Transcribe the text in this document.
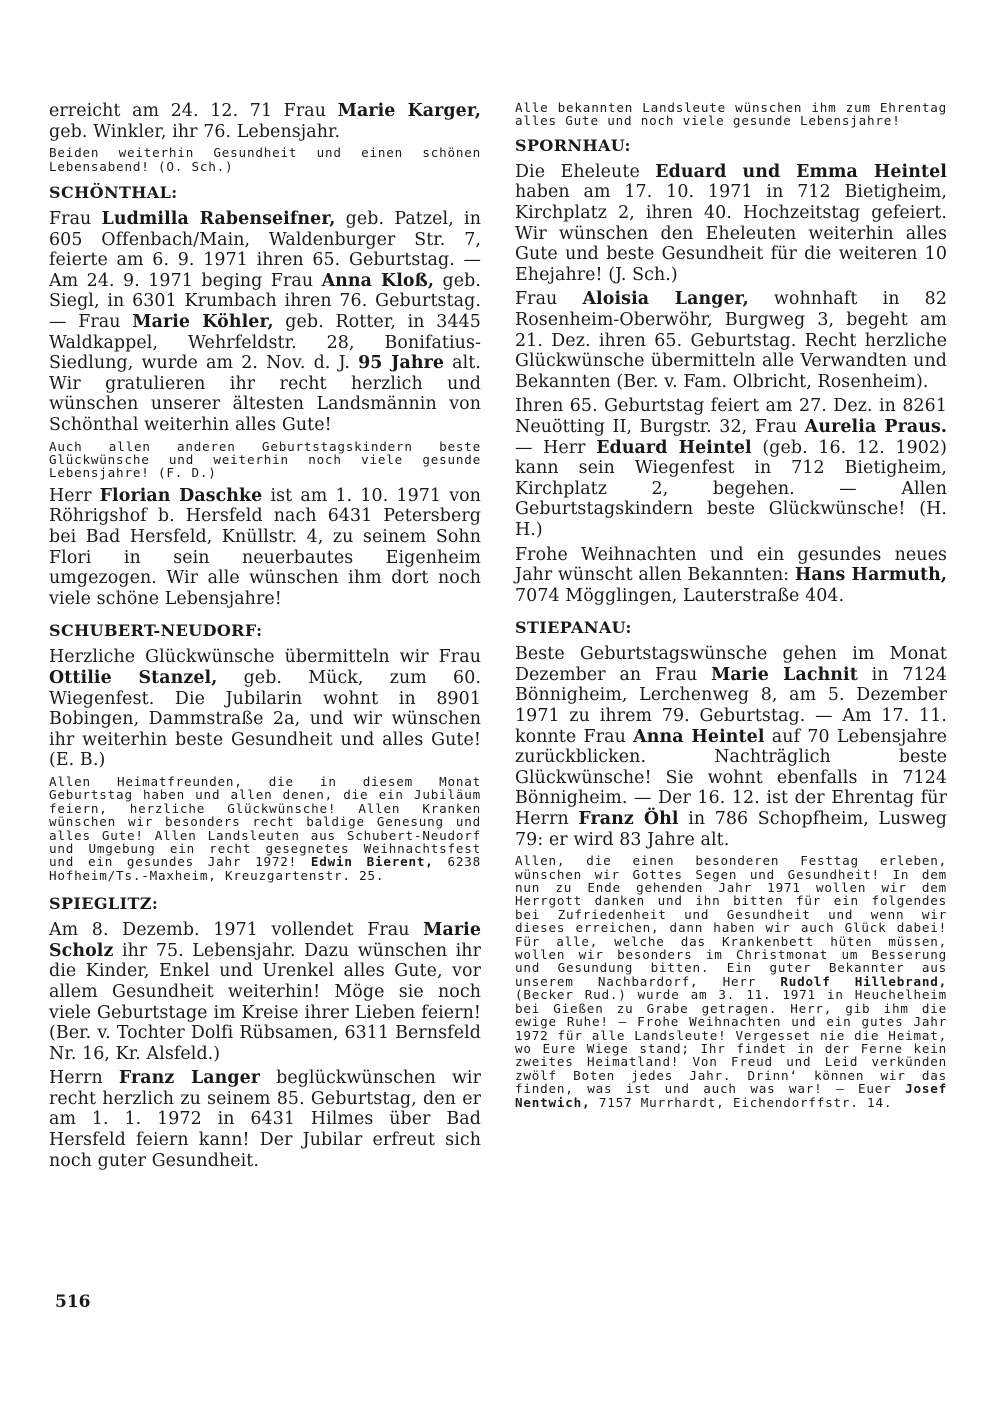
erreicht am 24. 12. 71 Frau Marie Karger, geb. Winkler, ihr 76. Lebensjahr.

Beiden weiterhin Gesundheit und einen schönen Lebensabend! (O. Sch.)

SCHÖNTHAL:

Frau Ludmilla Rabenseifner, geb. Patzel, in 605 Offenbach/Main, Waldenburger Str. 7, feierte am 6. 9. 1971 ihren 65. Geburtstag. — Am 24. 9. 1971 beging Frau Anna Kloß, geb. Siegl, in 6301 Krumbach ihren 76. Geburtstag. — Frau Marie Köhler, geb. Rotter, in 3445 Waldkappel, Wehrfeldstr. 28, Bonifatius-Siedlung, wurde am 2. Nov. d. J. 95 Jahre alt. Wir gratulieren ihr recht herzlich und wünschen unserer ältesten Landsmännin von Schönthal weiterhin alles Gute!

Auch allen anderen Geburtstagskindern beste Glückwünsche und weiterhin noch viele gesunde Lebensjahre! (F. D.)

Herr Florian Daschke ist am 1. 10. 1971 von Röhrigshof b. Hersfeld nach 6431 Petersberg bei Bad Hersfeld, Knüllstr. 4, zu seinem Sohn Flori in sein neuerbautes Eigenheim umgezogen. Wir alle wünschen ihm dort noch viele schöne Lebensjahre!

SCHUBERT-NEUDORF:

Herzliche Glückwünsche übermitteln wir Frau Ottilie Stanzel, geb. Mück, zum 60. Wiegenfest. Die Jubilarin wohnt in 8901 Bobingen, Dammstraße 2a, und wir wünschen ihr weiterhin beste Gesundheit und alles Gute! (E. B.)

Allen Heimatfreunden, die in diesem Monat Geburtstag haben und allen denen, die ein Jubiläum feiern, herzliche Glückwünsche! Allen Kranken wünschen wir besonders recht baldige Genesung und alles Gute! Allen Landsleuten aus Schubert-Neudorf und Umgebung ein recht gesegnetes Weihnachtsfest und ein gesundes Jahr 1972! Edwin Bierent, 6238 Hofheim/Ts.-Maxheim, Kreuzgartenstr. 25.

SPIEGLITZ:

Am 8. Dezemb. 1971 vollendet Frau Marie Scholz ihr 75. Lebensjahr. Dazu wünschen ihr die Kinder, Enkel und Urenkel alles Gute, vor allem Gesundheit weiterhin! Möge sie noch viele Geburtstage im Kreise ihrer Lieben feiern! (Ber. v. Tochter Dolfi Rübsamen, 6311 Bernsfeld Nr. 16, Kr. Alsfeld.)

Herrn Franz Langer beglückwünschen wir recht herzlich zu seinem 85. Geburtstag, den er am 1. 1. 1972 in 6431 Hilmes über Bad Hersfeld feiern kann! Der Jubilar erfreut sich noch guter Gesundheit.

Alle bekannten Landsleute wünschen ihm zum Ehrentag alles Gute und noch viele gesunde Lebensjahre!

SPORNHAU:

Die Eheleute Eduard und Emma Heintel haben am 17. 10. 1971 in 712 Bietigheim, Kirchplatz 2, ihren 40. Hochzeitstag gefeiert. Wir wünschen den Eheleuten weiterhin alles Gute und beste Gesundheit für die weiteren 10 Ehejahre! (J. Sch.)

Frau Aloisia Langer, wohnhaft in 82 Rosenheim-Oberwöhr, Burgweg 3, begeht am 21. Dez. ihren 65. Geburtstag. Recht herzliche Glückwünsche übermitteln alle Verwandten und Bekannten (Ber. v. Fam. Olbricht, Rosenheim).

Ihren 65. Geburtstag feiert am 27. Dez. in 8261 Neuötting II, Burgstr. 32, Frau Aurelia Praus. — Herr Eduard Heintel (geb. 16. 12. 1902) kann sein Wiegenfest in 712 Bietigheim, Kirchplatz 2, begehen. — Allen Geburtstagskindern beste Glückwünsche! (H. H.)

Frohe Weihnachten und ein gesundes neues Jahr wünscht allen Bekannten: Hans Harmuth, 7074 Mögglingen, Lauterstraße 404.

STIEPANAU:

Beste Geburtstagswünsche gehen im Monat Dezember an Frau Marie Lachnit in 7124 Bönnigheim, Lerchenweg 8, am 5. Dezember 1971 zu ihrem 79. Geburtstag. — Am 17. 11. konnte Frau Anna Heintel auf 70 Lebensjahre zurückblicken. Nachträglich beste Glückwünsche! Sie wohnt ebenfalls in 7124 Bönnigheim. — Der 16. 12. ist der Ehrentag für Herrn Franz Öhl in 786 Schopfheim, Lusweg 79: er wird 83 Jahre alt.

Allen, die einen besonderen Festtag erleben, wünschen wir Gottes Segen und Gesundheit! In dem nun zu Ende gehenden Jahr 1971 wollen wir dem Herrgott danken und ihn bitten für ein folgendes bei Zufriedenheit und Gesundheit und wenn wir dieses erreichen, dann haben wir auch Glück dabei! Für alle, welche das Krankenbett hüten müssen, wollen wir besonders im Christmonat um Besserung und Gesundung bitten. Ein guter Bekannter aus unserem Nachbardorf, Herr Rudolf Hillebrand, (Becker Rud.) wurde am 3. 11. 1971 in Heuchelheim bei Gießen zu Grabe getragen. Herr, gib ihm die ewige Ruhe! — Frohe Weihnachten und ein gutes Jahr 1972 für alle Landsleute! Vergesset nie die Heimat, wo Eure Wiege stand; Ihr findet in der Ferne kein zweites Heimatland! Von Freud und Leid verkünden zwölf Boten jedes Jahr. Drinn‘ können wir das finden, was ist und auch was war! — Euer Josef Nentwich, 7157 Murrhardt, Eichendorffstr. 14.

516
